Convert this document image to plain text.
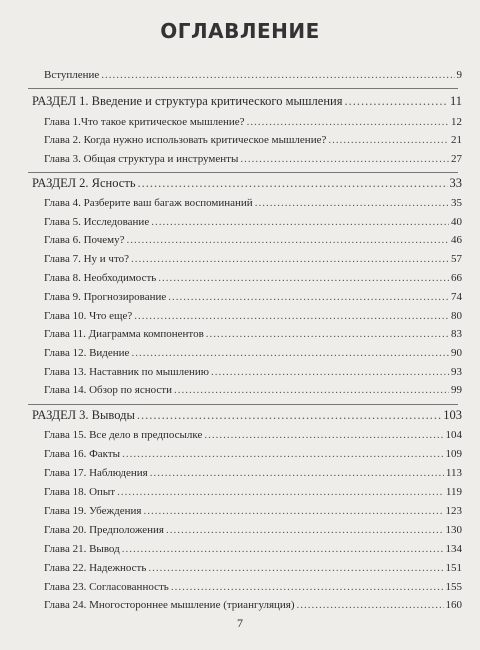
ОГЛАВЛЕНИЕ
Вступление .....	9
РАЗДЕЛ 1. Введение и структура критического мышления .....	11
Глава 1.Что такое критическое мышление? .....	12
Глава 2. Когда нужно использовать критическое мышление? .....	21
Глава 3. Общая структура и инструменты .....	27
РАЗДЕЛ 2. Ясность .....	33
Глава 4. Разберите ваш багаж воспоминаний .....	35
Глава 5. Исследование .....	40
Глава 6. Почему? .....	46
Глава 7. Ну и что? .....	57
Глава 8. Необходимость .....	66
Глава 9. Прогнозирование .....	74
Глава 10. Что еще? .....	80
Глава 11. Диаграмма компонентов .....	83
Глава 12. Видение .....	90
Глава 13. Наставник по мышлению .....	93
Глава 14. Обзор по ясности .....	99
РАЗДЕЛ 3. Выводы .....	103
Глава 15. Все дело в предпосылке .....	104
Глава 16. Факты .....	109
Глава 17. Наблюдения .....	113
Глава 18. Опыт .....	119
Глава 19. Убеждения .....	123
Глава 20. Предположения .....	130
Глава 21. Вывод .....	134
Глава 22. Надежность .....	151
Глава 23. Согласованность .....	155
Глава 24. Многостороннее мышление (триангуляция) .....	160
7
